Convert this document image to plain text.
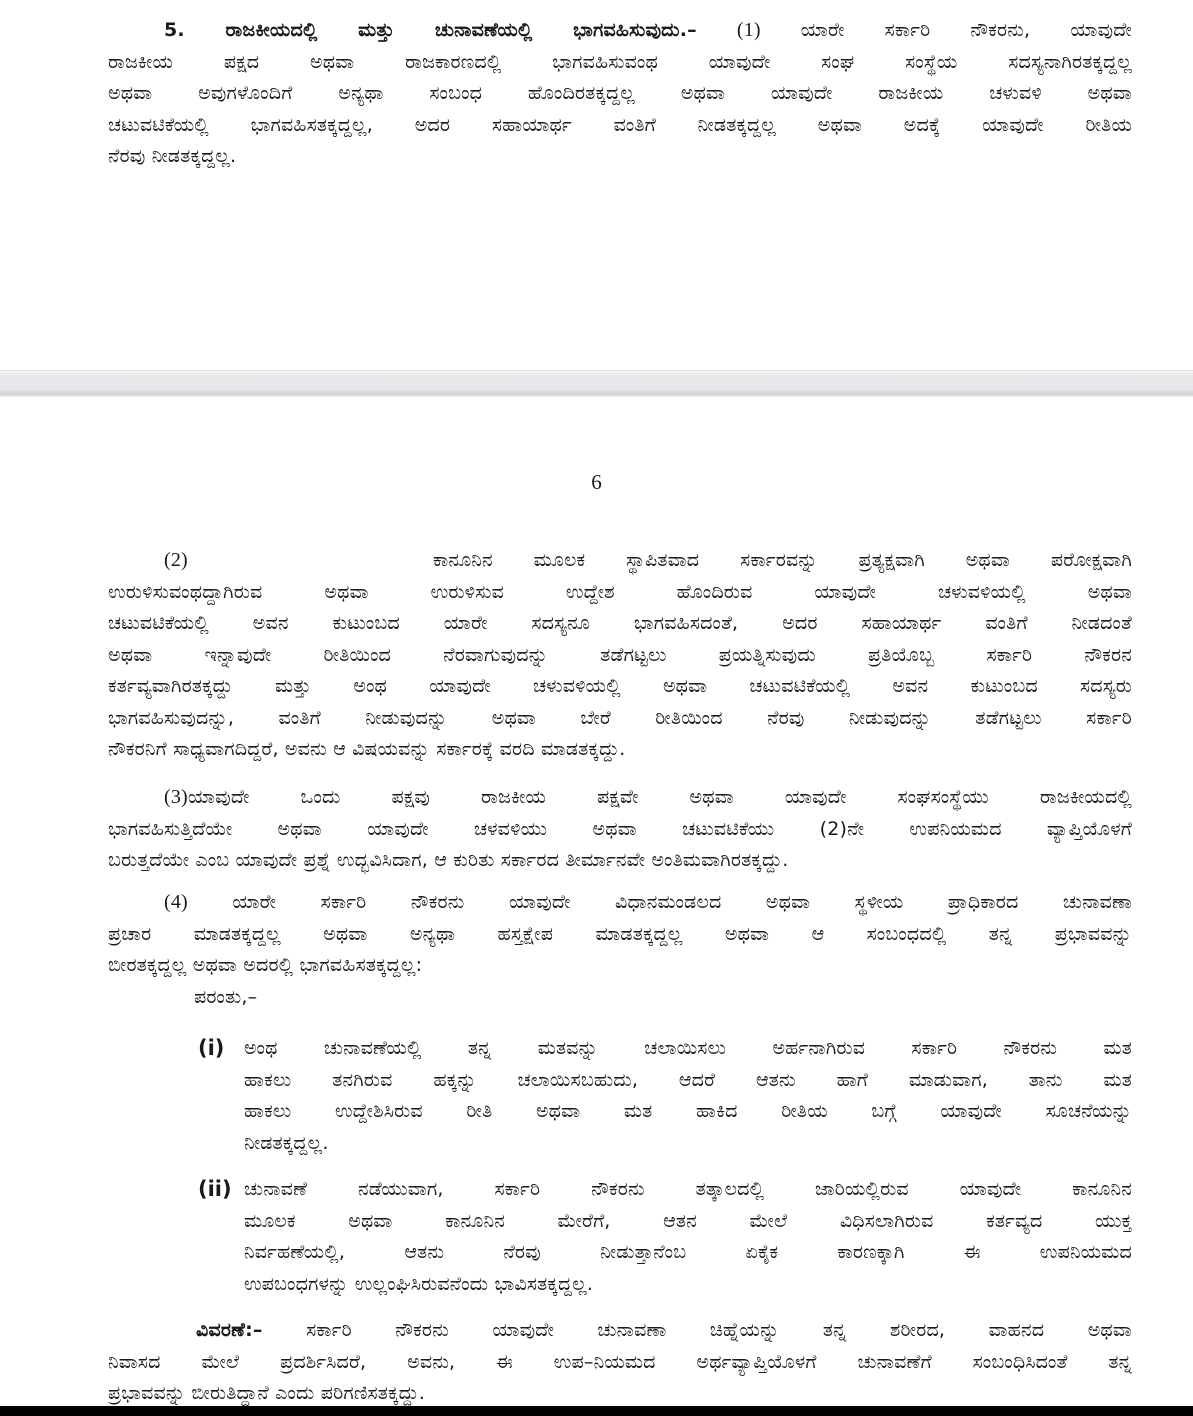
5. ರಾಜಕೀಯದಲ್ಲಿ ಮತ್ತು ಚುನಾವಣೆಯಲ್ಲಿ ಭಾಗವಹಿಸುವುದು.– (1) ಯಾರೇ ಸರ್ಕಾರಿ ನೌಕರನು, ಯಾವುದೇ
ರಾಜಕೀಯ ಪಕ್ಷದ ಅಥವಾ ರಾಜಕಾರಣದಲ್ಲಿ ಭಾಗವಹಿಸುವಂಥ ಯಾವುದೇ ಸಂಘ ಸಂಸ್ಥೆಯ ಸದಸ್ಯನಾಗಿರತಕ್ಕದ್ದಲ್ಲ
ಅಥವಾ ಅವುಗಳೊಂದಿಗೆ ಅನ್ಯಥಾ ಸಂಬಂಧ ಹೊಂದಿರತಕ್ಕದ್ದಲ್ಲ ಅಥವಾ ಯಾವುದೇ ರಾಜಕೀಯ ಚಳುವಳಿ ಅಥವಾ
ಚಟುವಟಿಕೆಯಲ್ಲಿ ಭಾಗವಹಿಸತಕ್ಕದ್ದಲ್ಲ, ಅದರ ಸಹಾಯಾರ್ಥ ವಂತಿಗೆ ನೀಡತಕ್ಕದ್ದಲ್ಲ ಅಥವಾ ಅದಕ್ಕೆ ಯಾವುದೇ ರೀತಿಯ
ನೆರವು ನೀಡತಕ್ಕದ್ದಲ್ಲ.
6
(2)	ಕಾನೂನಿನ ಮೂಲಕ ಸ್ಥಾಪಿತವಾದ ಸರ್ಕಾರವನ್ನು ಪ್ರತ್ಯಕ್ಷವಾಗಿ ಅಥವಾ ಪರೋಕ್ಷವಾಗಿ
ಉರುಳಿಸುವಂಥದ್ದಾಗಿರುವ ಅಥವಾ ಉರುಳಿಸುವ ಉದ್ದೇಶ ಹೊಂದಿರುವ ಯಾವುದೇ ಚಳುವಳಿಯಲ್ಲಿ ಅಥವಾ
ಚಟುವಟಿಕೆಯಲ್ಲಿ ಅವನ ಕುಟುಂಬದ ಯಾರೇ ಸದಸ್ಯನೂ ಭಾಗವಹಿಸದಂತೆ, ಅದರ ಸಹಾಯಾರ್ಥ ವಂತಿಗೆ ನೀಡದಂತೆ
ಅಥವಾ ಇನ್ನಾವುದೇ ರೀತಿಯಿಂದ ನೆರವಾಗುವುದನ್ನು ತಡೆಗಟ್ಟಲು ಪ್ರಯತ್ನಿಸುವುದು ಪ್ರತಿಯೊಬ್ಬ ಸರ್ಕಾರಿ ನೌಕರನ
ಕರ್ತವ್ಯವಾಗಿರತಕ್ಕದ್ದು ಮತ್ತು ಅಂಥ ಯಾವುದೇ ಚಳುವಳಿಯಲ್ಲಿ ಅಥವಾ ಚಟುವಟಿಕೆಯಲ್ಲಿ ಅವನ ಕುಟುಂಬದ ಸದಸ್ಯರು
ಭಾಗವಹಿಸುವುದನ್ನು, ವಂತಿಗೆ ನೀಡುವುದನ್ನು ಅಥವಾ ಬೇರೆ ರೀತಿಯಿಂದ ನೆರವು ನೀಡುವುದನ್ನು ತಡೆಗಟ್ಟಲು ಸರ್ಕಾರಿ
ನೌಕರನಿಗೆ ಸಾಧ್ಯವಾಗದಿದ್ದರೆ, ಅವನು ಆ ವಿಷಯವನ್ನು ಸರ್ಕಾರಕ್ಕೆ ವರದಿ ಮಾಡತಕ್ಕದ್ದು.
(3)ಯಾವುದೇ ಒಂದು ಪಕ್ಷವು ರಾಜಕೀಯ ಪಕ್ಷವೇ ಅಥವಾ ಯಾವುದೇ ಸಂಘಸಂಸ್ಥೆಯು ರಾಜಕೀಯದಲ್ಲಿ
ಭಾಗವಹಿಸುತ್ತಿದೆಯೇ ಅಥವಾ ಯಾವುದೇ ಚಳವಳಿಯು ಅಥವಾ ಚಟುವಟಿಕೆಯು (2)ನೇ ಉಪನಿಯಮದ ವ್ಯಾಪ್ತಿಯೊಳಗೆ
ಬರುತ್ತದೆಯೇ ಎಂಬ ಯಾವುದೇ ಪ್ರಶ್ನೆ ಉದ್ಭವಿಸಿದಾಗ, ಆ ಕುರಿತು ಸರ್ಕಾರದ ತೀರ್ಮಾನವೇ ಅಂತಿಮವಾಗಿರತಕ್ಕದ್ದು.
(4) ಯಾರೇ ಸರ್ಕಾರಿ ನೌಕರನು ಯಾವುದೇ ವಿಧಾನಮಂಡಲದ ಅಥವಾ ಸ್ಥಳೀಯ ಪ್ರಾಧಿಕಾರದ ಚುನಾವಣಾ
ಪ್ರಚಾರ ಮಾಡತಕ್ಕದ್ದಲ್ಲ ಅಥವಾ ಅನ್ಯಥಾ ಹಸ್ತಕ್ಷೇಪ ಮಾಡತಕ್ಕದ್ದಲ್ಲ ಅಥವಾ ಆ ಸಂಬಂಧದಲ್ಲಿ ತನ್ನ ಪ್ರಭಾವವನ್ನು
ಬೀರತಕ್ಕದ್ದಲ್ಲ ಅಥವಾ ಅದರಲ್ಲಿ ಭಾಗವಹಿಸತಕ್ಕದ್ದಲ್ಲ:
ಪರಂತು,–
(i) ಅಂಥ ಚುನಾವಣೆಯಲ್ಲಿ ತನ್ನ ಮತವನ್ನು ಚಲಾಯಿಸಲು ಅರ್ಹನಾಗಿರುವ ಸರ್ಕಾರಿ ನೌಕರನು ಮತ
ಹಾಕಲು ತನಗಿರುವ ಹಕ್ಕನ್ನು ಚಲಾಯಿಸಬಹುದು, ಆದರೆ ಆತನು ಹಾಗೆ ಮಾಡುವಾಗ, ತಾನು ಮತ
ಹಾಕಲು ಉದ್ದೇಶಿಸಿರುವ ರೀತಿ ಅಥವಾ ಮತ ಹಾಕಿದ ರೀತಿಯ ಬಗ್ಗೆ ಯಾವುದೇ ಸೂಚನೆಯನ್ನು
ನೀಡತಕ್ಕದ್ದಲ್ಲ.
(ii) ಚುನಾವಣೆ ನಡೆಯುವಾಗ, ಸರ್ಕಾರಿ ನೌಕರನು ತತ್ಕಾಲದಲ್ಲಿ ಜಾರಿಯಲ್ಲಿರುವ ಯಾವುದೇ ಕಾನೂನಿನ
ಮೂಲಕ ಅಥವಾ ಕಾನೂನಿನ ಮೇರೆಗೆ, ಆತನ ಮೇಲೆ ವಿಧಿಸಲಾಗಿರುವ ಕರ್ತವ್ಯದ ಯುಕ್ತ
ನಿರ್ವಹಣೆಯಲ್ಲಿ, ಆತನು ನೆರವು ನೀಡುತ್ತಾನೆಂಬ ಏಕೈಕ ಕಾರಣಕ್ಕಾಗಿ ಈ ಉಪನಿಯಮದ
ಉಪಬಂಧಗಳನ್ನು ಉಲ್ಲಂಘಿಸಿರುವನೆಂದು ಭಾವಿಸತಕ್ಕದ್ದಲ್ಲ.
ವಿವರಣೆ:– ಸರ್ಕಾರಿ ನೌಕರನು ಯಾವುದೇ ಚುನಾವಣಾ ಚಿಹ್ನೆಯನ್ನು ತನ್ನ ಶರೀರದ, ವಾಹನದ ಅಥವಾ
ನಿವಾಸದ ಮೇಲೆ ಪ್ರದರ್ಶಿಸಿದರೆ, ಅವನು, ಈ ಉಪ–ನಿಯಮದ ಅರ್ಥವ್ಯಾಪ್ತಿಯೊಳಗೆ ಚುನಾವಣೆಗೆ ಸಂಬಂಧಿಸಿದಂತೆ ತನ್ನ
ಪ್ರಭಾವವನ್ನು ಬೀರುತಿದ್ದಾನೆ ಎಂದು ಪರಿಗಣಿಸತಕ್ಕದ್ದು.
